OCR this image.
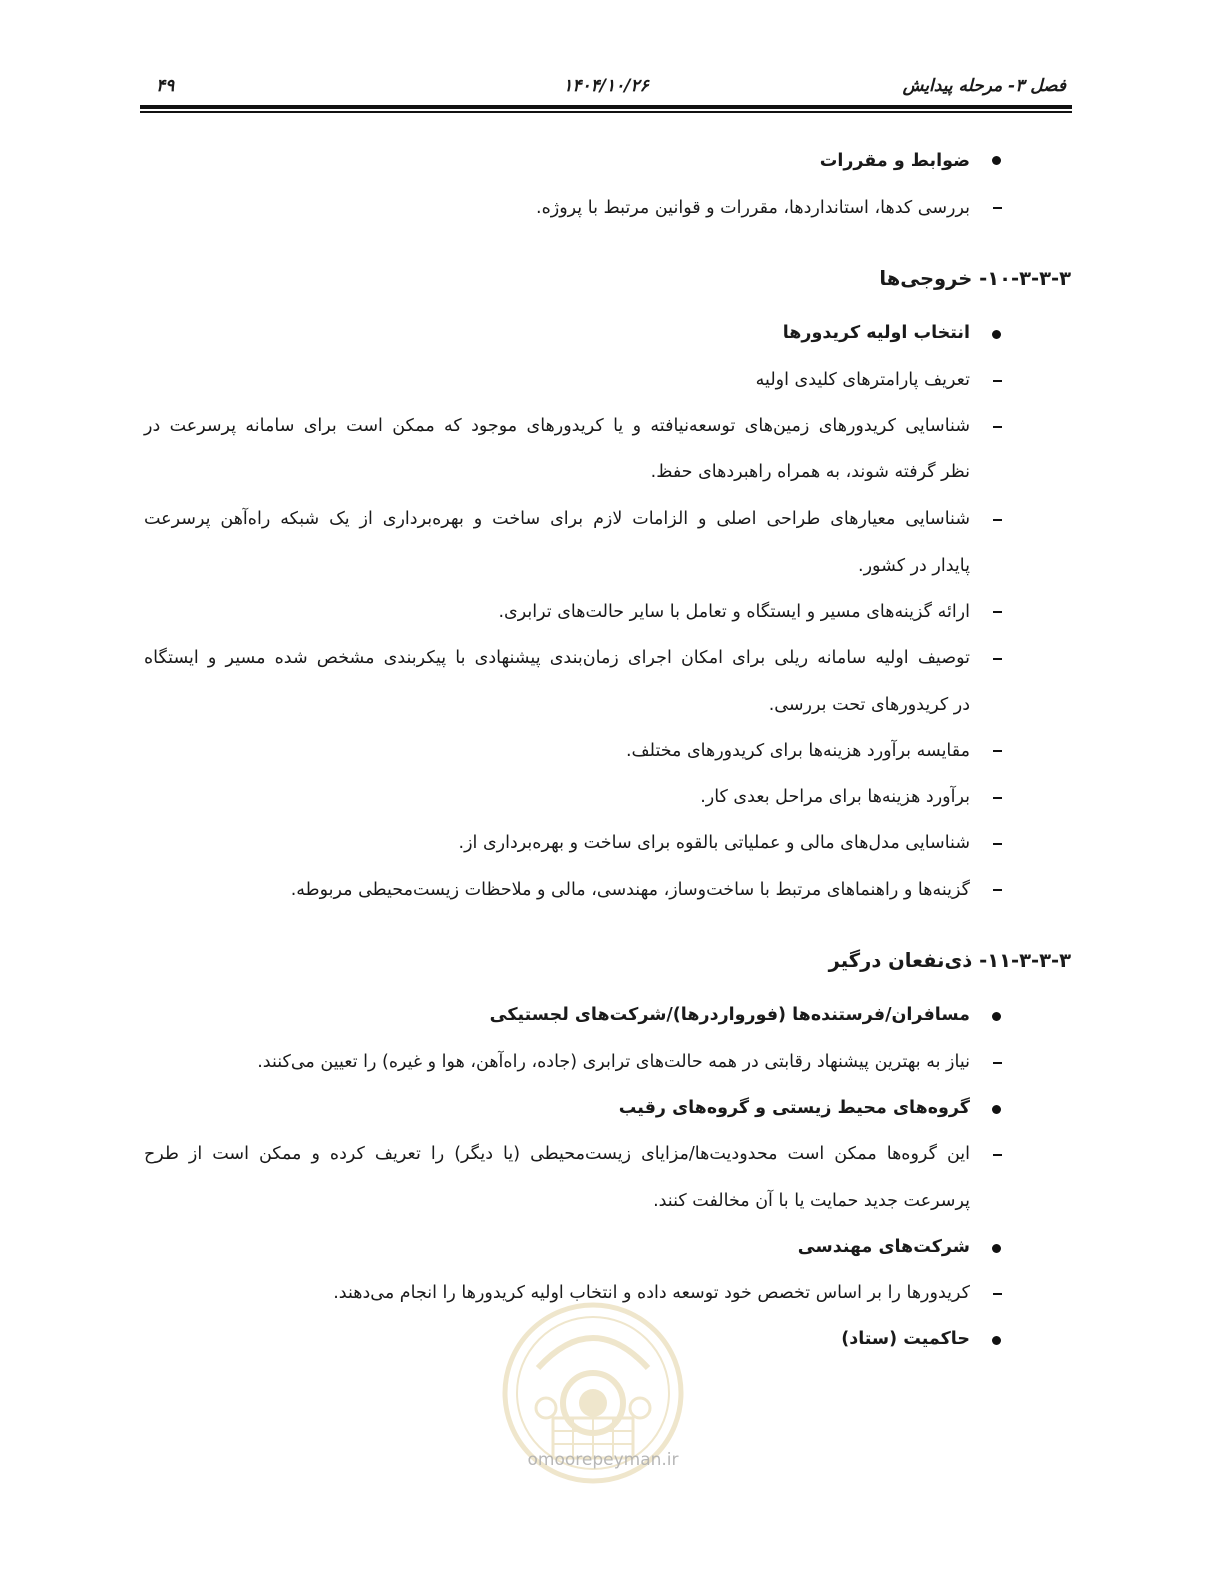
۴۹	۱۴۰۴/۱۰/۲۶	فصل ۳- مرحله پیدایش
ضوابط و مقررات
بررسی کدها، استانداردها، مقررات و قوانین مرتبط با پروژه.
۱۰-۳-۳-۳- خروجی‌ها
انتخاب اولیه کریدورها
تعریف پارامترهای کلیدی اولیه
شناسایی کریدورهای زمین‌های توسعه‌نیافته و یا کریدورهای موجود که ممکن است برای سامانه پرسرعت در
نظر گرفته شوند، به همراه راهبردهای حفظ.
شناسایی معیارهای طراحی اصلی و الزامات لازم برای ساخت و بهره‌برداری از یک شبکه راه‌آهن پرسرعت
پایدار در کشور.
ارائه گزینه‌های مسیر و ایستگاه و تعامل با سایر حالت‌های ترابری.
توصیف اولیه سامانه ریلی برای امکان اجرای زمان‌بندی پیشنهادی با پیکربندی مشخص شده مسیر و ایستگاه
در کریدورهای تحت بررسی.
مقایسه برآورد هزینه‌ها برای کریدورهای مختلف.
برآورد هزینه‌ها برای مراحل بعدی کار.
شناسایی مدل‌های مالی و عملیاتی بالقوه برای ساخت و بهره‌برداری از.
گزینه‌ها و راهنماهای مرتبط با ساخت‌وساز، مهندسی، مالی و ملاحظات زیست‌محیطی مربوطه.
۱۱-۳-۳-۳- ذی‌نفعان درگیر
مسافران/فرستنده‌ها (فورواردرها)/شرکت‌های لجستیکی
نیاز به بهترین پیشنهاد رقابتی در همه حالت‌های ترابری (جاده، راه‌آهن، هوا و غیره) را تعیین می‌کنند.
گروه‌های محیط زیستی و گروه‌های رقیب
این گروه‌ها ممکن است محدودیت‌ها/مزایای زیست‌محیطی (یا دیگر) را تعریف کرده و ممکن است از طرح
پرسرعت جدید حمایت یا با آن مخالفت کنند.
شرکت‌های مهندسی
کریدورها را بر اساس تخصص خود توسعه داده و انتخاب اولیه کریدورها را انجام می‌دهند.
حاکمیت (ستاد)
omoorepeyman.ir
